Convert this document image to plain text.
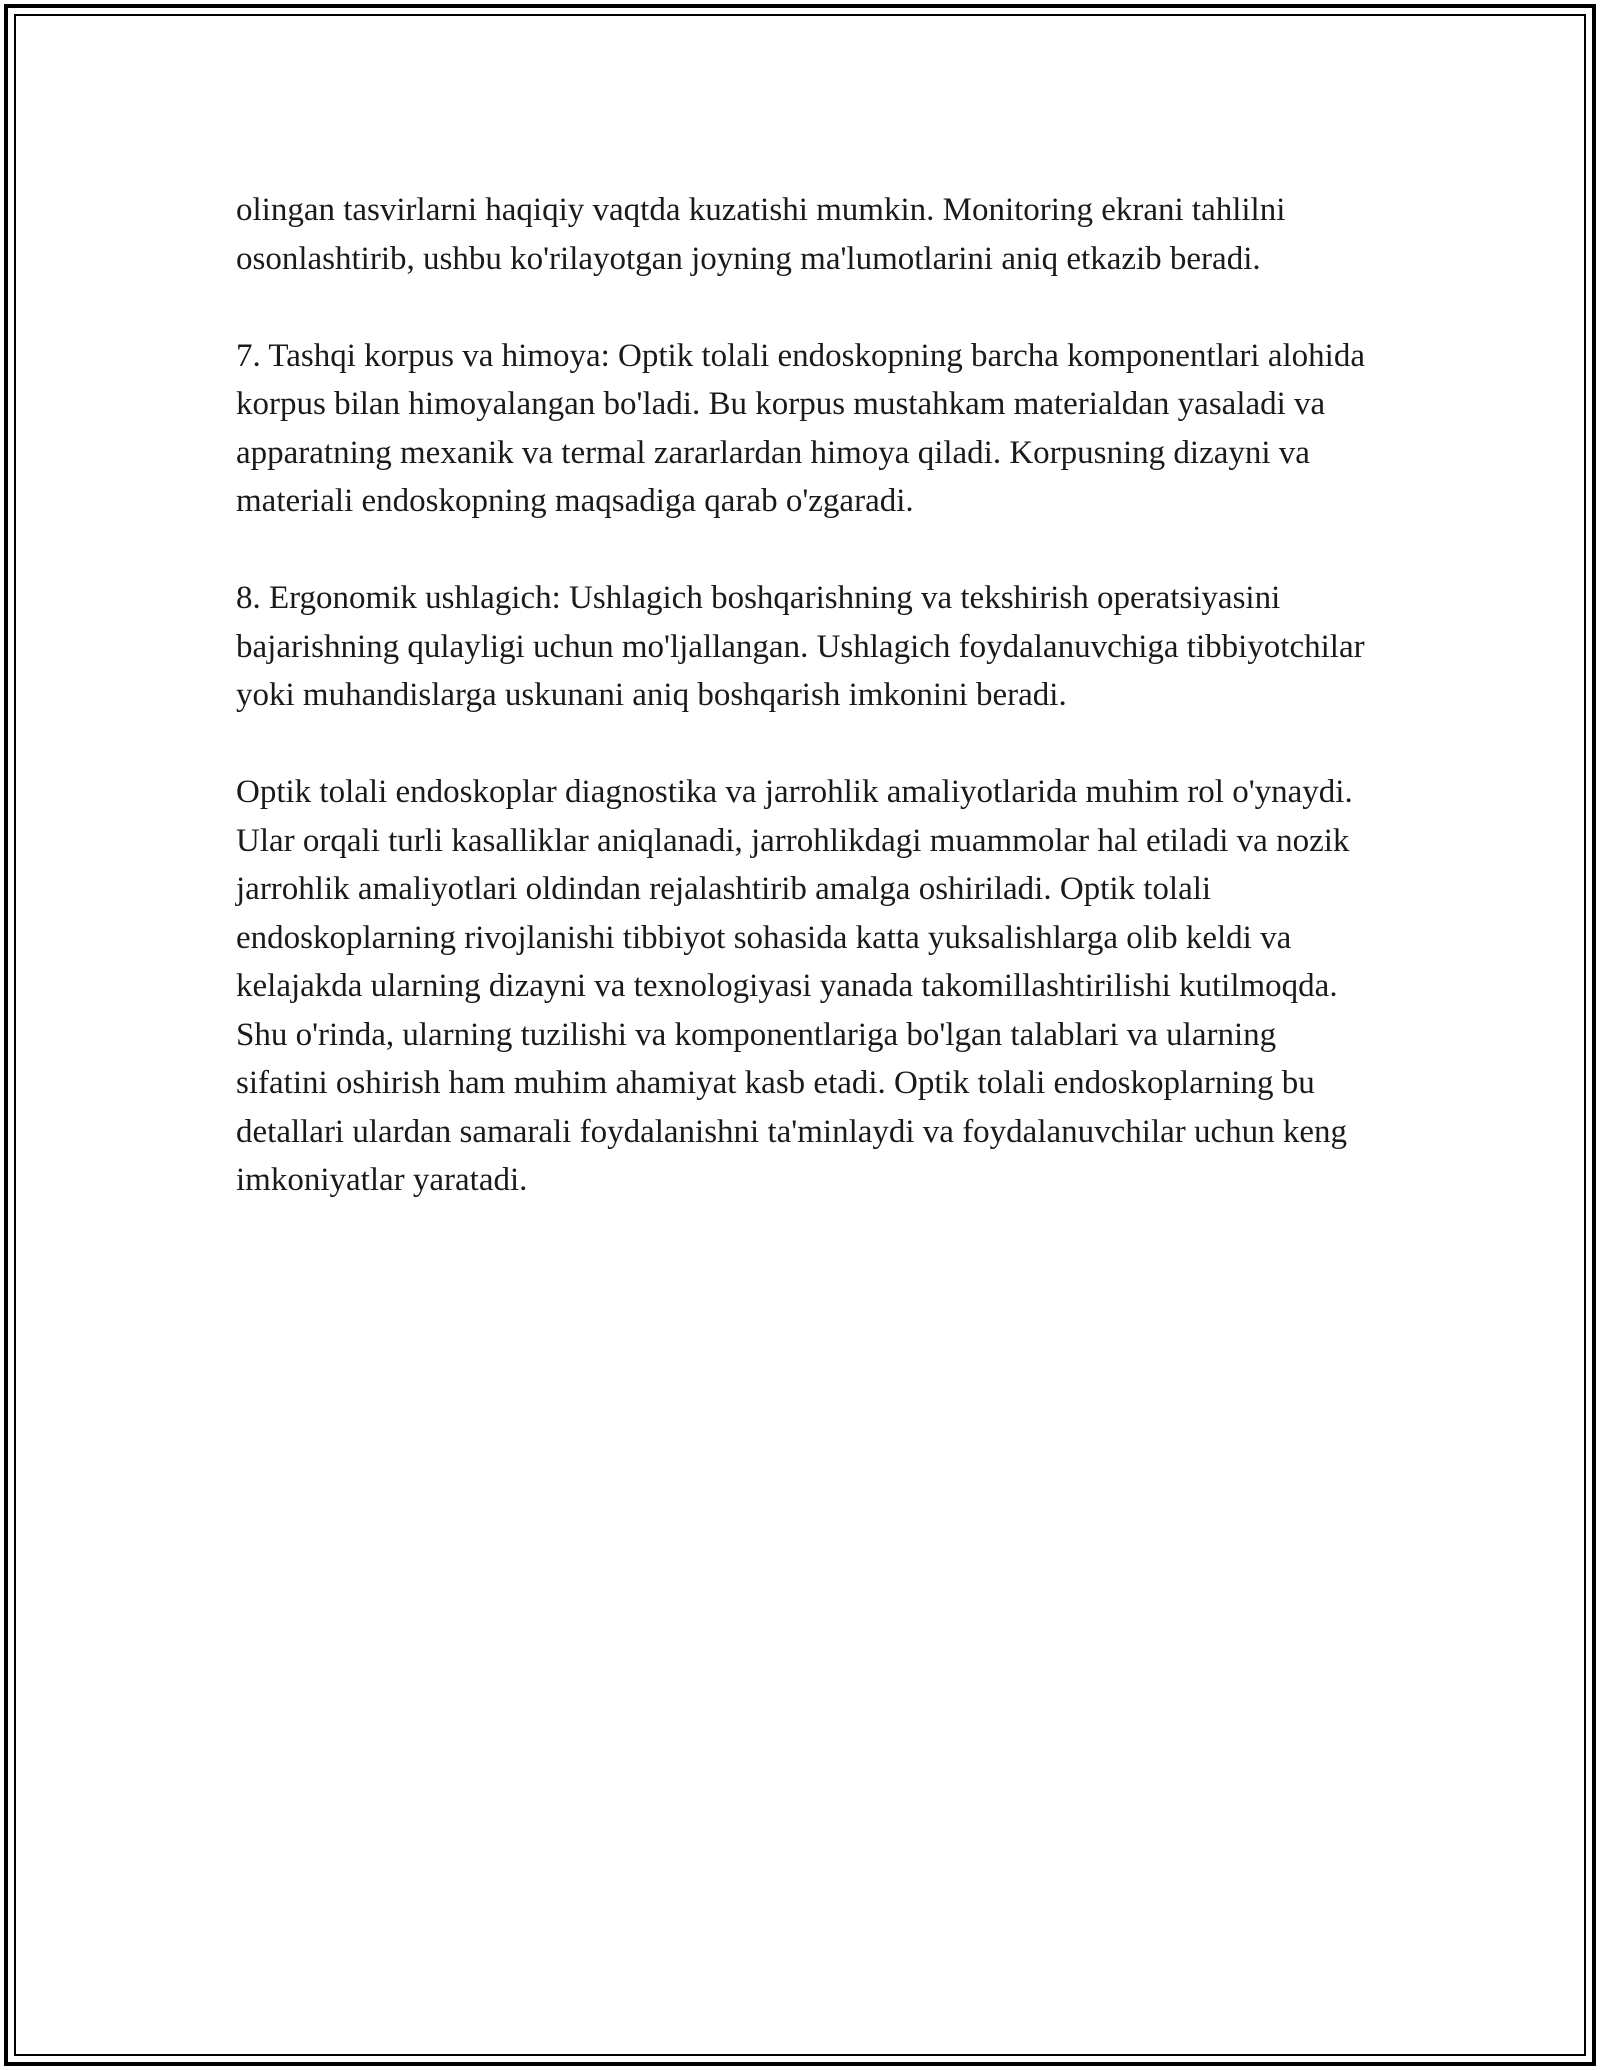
olingan tasvirlarni haqiqiy vaqtda kuzatishi mumkin. Monitoring ekrani tahlilni osonlashtirib, ushbu ko'rilayotgan joyning ma'lumotlarini aniq etkazib beradi.

7. Tashqi korpus va himoya: Optik tolali endoskopning barcha komponentlari alohida korpus bilan himoyalangan bo'ladi. Bu korpus mustahkam materialdan yasaladi va apparatning mexanik va termal zararlardan himoya qiladi. Korpusning dizayni va materiali endoskopning maqsadiga qarab o'zgaradi.

8. Ergonomik ushlagich: Ushlagich boshqarishning va tekshirish operatsiyasini bajarishning qulayligi uchun mo'ljallangan. Ushlagich foydalanuvchiga tibbiyotchilar yoki muhandislarga uskunani aniq boshqarish imkonini beradi.

Optik tolali endoskoplar diagnostika va jarrohlik amaliyotlarida muhim rol o'ynaydi. Ular orqali turli kasalliklar aniqlanadi, jarrohlikdagi muammolar hal etiladi va nozik jarrohlik amaliyotlari oldindan rejalashtirib amalga oshiriladi. Optik tolali endoskoplarning rivojlanishi tibbiyot sohasida katta yuksalishlarga olib keldi va kelajakda ularning dizayni va texnologiyasi yanada takomillashtirilishi kutilmoqda. Shu o'rinda, ularning tuzilishi va komponentlariga bo'lgan talablari va ularning sifatini oshirish ham muhim ahamiyat kasb etadi. Optik tolali endoskoplarning bu detallari ulardan samarali foydalanishni ta'minlaydi va foydalanuvchilar uchun keng imkoniyatlar yaratadi.
